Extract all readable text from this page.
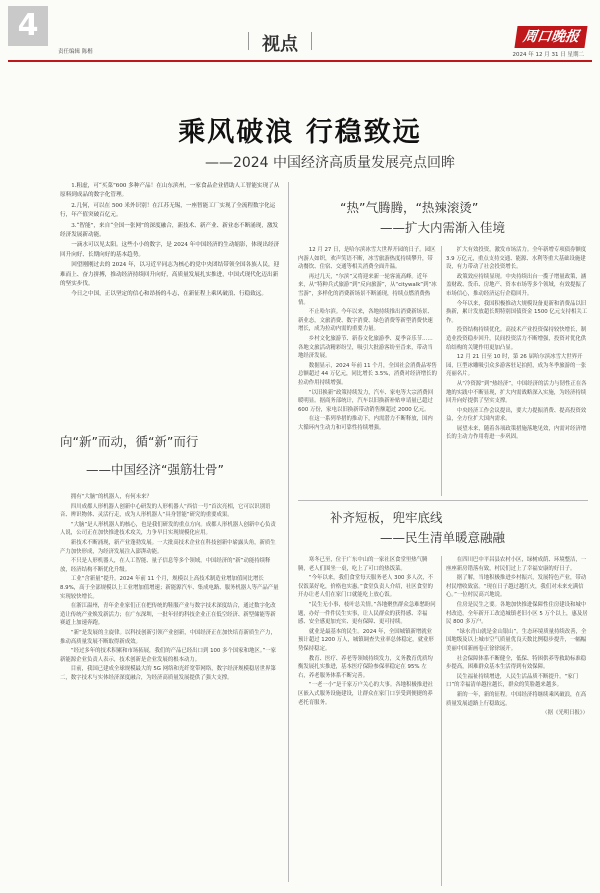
4
责任编辑 陈楷	视点	周口晚报
2024 年 12 月 31 日 星期二
乘风破浪 行稳致远
——2024 中国经济高质量发展亮点回眸

1.粗虚，可“买菜”600 多种产品！在山东滨州，一家食品企业借助人工智能实现了从原料到成品的数字化管理。

2.几何，可以在 500 米外识别！在江苏无锡，一座智能工厂实现了全流程数字化运行，年产值突破百亿元。

3.“智能”，来自“全国一张网”的深度融合，新技术、新产业、新业态不断涌现，激发经济发展新动能。

一滴水可以见太阳。这些小小的数字，是 2024 年中国经济的生动缩影，体现出经济回升向好、长期向好的基本趋势。

回望刚刚过去的 2024 年，以习近平同志为核心的党中央团结带领全国各族人民，迎难而上、奋力拼搏，推动经济持续回升向好，高质量发展扎实推进，中国式现代化迈出新的坚实步伐。

今日之中国，正以坚定的信心和昂扬的斗志，在新征程上乘风破浪、行稳致远。

向“新”而动，循“新”而行
——中国经济“强筋壮骨”

拥有“大脑”的机器人，有何未来？

四川成都人形机器人创新中心研发的人形机器人“西信一号”首次亮相，它可以识别语音、辨识物体、灵活行走，成为人形机器人“具身智能”研究的重要成果。

“大脑”是人形机器人的核心，也是我们研发的重点方向。成都人形机器人创新中心负责人说，公司正在加快推进技术攻关，力争早日实现规模化应用。

新技术不断涌现，新产业蓬勃发展。一大批高技术企业在科技创新中崭露头角，新质生产力加快形成，为经济发展注入澎湃动能。

不只是人形机器人，在人工智能、量子信息等多个领域，中国经济的“新”动能持续释放，经济结构不断优化升级。

工业“含新量”提升。2024 年前 11 个月，规模以上高技术制造业增加值同比增长 8.9%，高于全部规模以上工业增加值增速；新能源汽车、集成电路、服务机器人等产品产量实现较快增长。

在浙江温州，青年企业家们正在把传统的鞋服产业与数字技术深度结合，通过数字化改造让传统产业焕发新活力；在广东深圳，一批年轻的科技企业正在低空经济、新型储能等新赛道上加速奔跑。

“新”是发展的主旋律。以科技创新引领产业创新，中国经济正在加快培育新质生产力，推动高质量发展不断取得新成效。

“经过多年的技术积累和市场拓展，我们的产品已经出口到 100 多个国家和地区。”一家新能源企业负责人表示，技术创新是企业发展的根本动力。

目前，我国已建成全球规模最大的 5G 网络和光纤宽带网络，数字经济规模稳居世界第二，数字技术与实体经济深度融合，为经济高质量发展提供了强大支撑。

“热”气腾腾，“热辣滚烫”
——扩大内需渐入佳境

12 月 27 日，是哈尔滨冰雪大世界开园的日子。园区内游人如织，欢声笑语不断，冰雪旅游热度持续攀升，带动餐饮、住宿、交通等相关消费全面升温。

再过几天，“尔滨”又将迎来新一轮客流高峰。近年来，从“特种兵式旅游”到“反向旅游”，从“citywalk”到“冰雪游”，多样化的消费新场景不断涌现，持续点燃消费热情。

不止哈尔滨。今年以来，各地持续推出消费新场景、新业态，文旅消费、数字消费、绿色消费等新型消费快速增长，成为拉动内需的重要力量。

乡村文化旅游节、新春文化旅游季、夏季音乐节……各地文旅活动精彩纷呈，吸引大批游客纷至沓来，带动当地经济发展。

数据显示，2024 年前 11 个月，全国社会消费品零售总额超过 44 万亿元，同比增长 3.5%，消费对经济增长的拉动作用持续增强。

“以旧换新”政策持续发力，汽车、家电等大宗消费回暖明显。据商务部统计，汽车以旧换新补贴申请量已超过 600 万份，家电以旧换新带动销售额超过 2000 亿元。

在这一系列举措的推动下，内需潜力不断释放，国内大循环内生动力和可靠性持续增强。

扩大有效投资，激发市场活力。全年新增专项债券额度 3.9 万亿元，重点支持交通、能源、水利等重大基础设施建设，有力带动了社会投资增长。

政策效应持续显现。中央持续出台一揽子增量政策，涵盖财政、货币、房地产、资本市场等多个领域，有效提振了市场信心，推动经济运行企稳回升。

今年以来，我国积极推动大规模设备更新和消费品以旧换新，累计发放超长期特别国债资金 1500 亿元支持相关工作。

投资结构持续优化。高技术产业投资保持较快增长，制造业投资稳步回升，民间投资活力不断增强，投资对优化供给结构的关键作用更加凸显。

12 月 21 日至 10 时，第 26 届哈尔滨冰雪大世界开园，巨型冰雕吸引众多游客驻足拍照，成为冬季旅游的一张亮丽名片。

从“冷资源”到“热经济”，中国经济的活力与韧性正在各地的实践中不断显现，扩大内需战略深入实施，为经济持续回升向好提供了坚实支撑。

中央经济工作会议提出，要大力提振消费、提高投资效益，全方位扩大国内需求。

展望未来，随着各项政策措施落地见效，内需对经济增长的主动力作用将进一步巩固。

补齐短板，兜牢底线
——民生清单暖意融融

寒冬已至，位于广东中山的一家社区食堂里热气腾腾，老人们围坐一桌，吃上了可口的热饭菜。

“今年以来，我们食堂每天服务老人 300 多人次，不仅饭菜好吃，价格也实惠。”食堂负责人介绍，社区食堂的开办让老人们在家门口就能吃上放心饭。

“民生无小事，枝叶总关情。”各地聚焦群众急难愁盼问题，办好一件件民生实事，让人民群众的获得感、幸福感、安全感更加充实、更有保障、更可持续。

就业是最基本的民生。2024 年，全国城镇新增就业预计超过 1200 万人，城镇调查失业率总体稳定，就业形势保持稳定。

教育、医疗、养老等领域持续发力，义务教育优质均衡发展扎实推进，基本医疗保险参保率稳定在 95% 左右，养老服务体系不断完善。

“一老一小”是千家万户关心的大事。各地积极推进社区嵌入式服务设施建设，让群众在家门口享受到便捷的养老托育服务。

在四川巴中平昌县农村小区，绿树成荫、环境整洁，一座座新房错落有致，村民们过上了幸福安康的好日子。

据了解，当地积极推进乡村振兴，发展特色产业，带动村民增收致富。“现在日子越过越红火，我们对未来充满信心。”一位村民高兴地说。

住房是民生之要。各地加快推进保障性住房建设和城中村改造，全年新开工改造城镇老旧小区 5 万个以上，惠及居民 800 多万户。

“绿水青山就是金山银山”。生态环境质量持续改善，全国地级及以上城市空气质量优良天数比例稳步提升，一幅幅美丽中国新画卷正徐徐展开。

社会保障体系不断健全，低保、特困供养等救助标准稳步提高，困难群众基本生活得到有效保障。

民生福祉持续增进，人民生活品质不断提升。“家门口”的幸福清单越拉越长，群众的笑脸越来越多。

新的一年，新的征程。中国经济将继续乘风破浪，在高质量发展道路上行稳致远。

（据《光明日报》）
